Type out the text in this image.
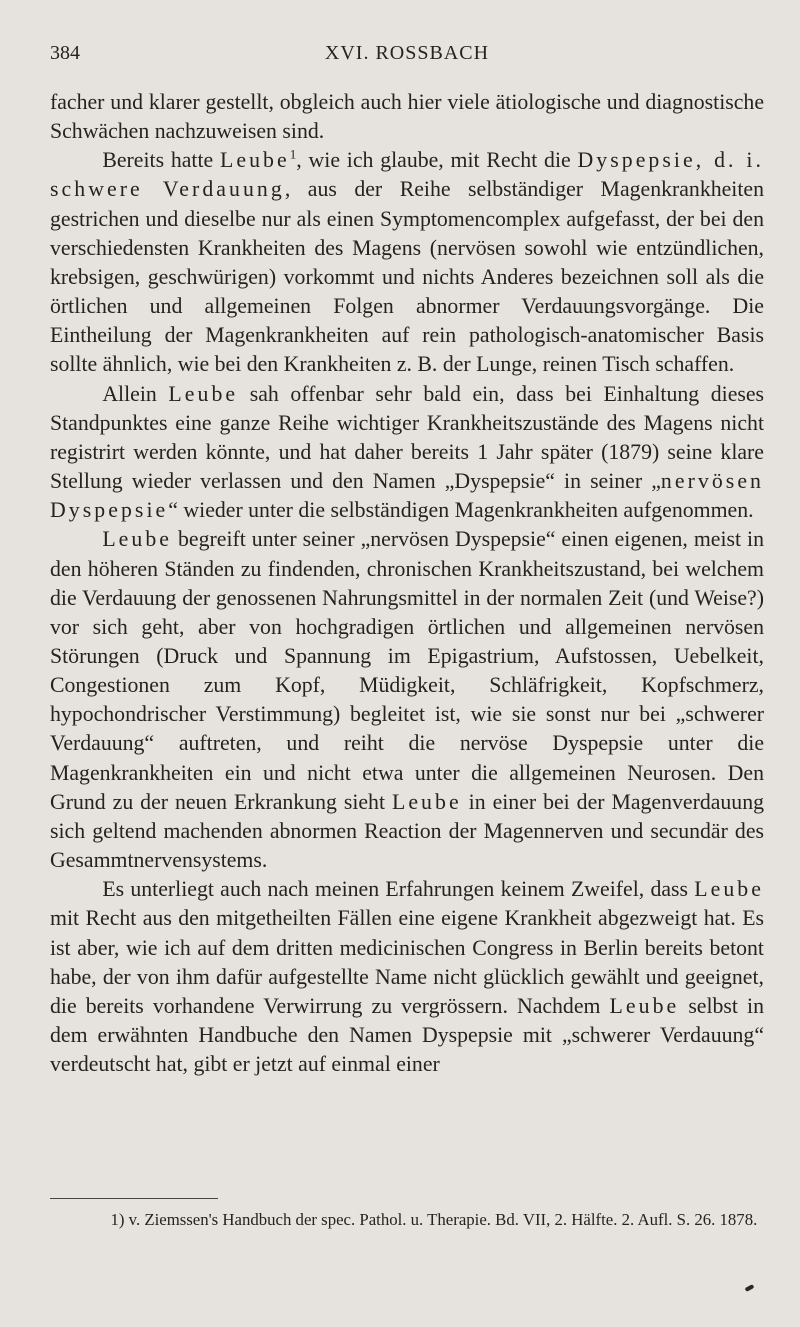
384	XVI. ROSSBACH

facher und klarer gestellt, obgleich auch hier viele ätiologische und diagnostische Schwächen nachzuweisen sind.

Bereits hatte Leube$^1$, wie ich glaube, mit Recht die Dyspepsie, d. i. schwere Verdauung, aus der Reihe selbständiger Magenkrankheiten gestrichen und dieselbe nur als einen Symptomencomplex aufgefasst, der bei den verschiedensten Krankheiten des Magens (nervösen sowohl wie entzündlichen, krebsigen, geschwürigen) vorkommt und nichts Anderes bezeichnen soll als die örtlichen und allgemeinen Folgen abnormer Verdauungsvorgänge. Die Eintheilung der Magenkrankheiten auf rein pathologisch-anatomischer Basis sollte ähnlich, wie bei den Krankheiten z. B. der Lunge, reinen Tisch schaffen.

Allein Leube sah offenbar sehr bald ein, dass bei Einhaltung dieses Standpunktes eine ganze Reihe wichtiger Krankheitszustände des Magens nicht registrirt werden könnte, und hat daher bereits 1 Jahr später (1879) seine klare Stellung wieder verlassen und den Namen „Dyspepsie“ in seiner „nervösen Dyspepsie“ wieder unter die selbständigen Magenkrankheiten aufgenommen.

Leube begreift unter seiner „nervösen Dyspepsie“ einen eigenen, meist in den höheren Ständen zu findenden, chronischen Krankheitszustand, bei welchem die Verdauung der genossenen Nahrungsmittel in der normalen Zeit (und Weise?) vor sich geht, aber von hochgradigen örtlichen und allgemeinen nervösen Störungen (Druck und Spannung im Epigastrium, Aufstossen, Uebelkeit, Congestionen zum Kopf, Müdigkeit, Schläfrigkeit, Kopfschmerz, hypochondrischer Verstimmung) begleitet ist, wie sie sonst nur bei „schwerer Verdauung“ auftreten, und reiht die nervöse Dyspepsie unter die Magenkrankheiten ein und nicht etwa unter die allgemeinen Neurosen. Den Grund zu der neuen Erkrankung sieht Leube in einer bei der Magenverdauung sich geltend machenden abnormen Reaction der Magennerven und secundär des Gesammtnervensystems.

Es unterliegt auch nach meinen Erfahrungen keinem Zweifel, dass Leube mit Recht aus den mitgetheilten Fällen eine eigene Krankheit abgezweigt hat. Es ist aber, wie ich auf dem dritten medicinischen Congress in Berlin bereits betont habe, der von ihm dafür aufgestellte Name nicht glücklich gewählt und geeignet, die bereits vorhandene Verwirrung zu vergrössern. Nachdem Leube selbst in dem erwähnten Handbuche den Namen Dyspepsie mit „schwerer Verdauung“ verdeutscht hat, gibt er jetzt auf einmal einer

1) v. Ziemssen's Handbuch der spec. Pathol. u. Therapie. Bd. VII, 2. Hälfte. 2. Aufl. S. 26. 1878.
